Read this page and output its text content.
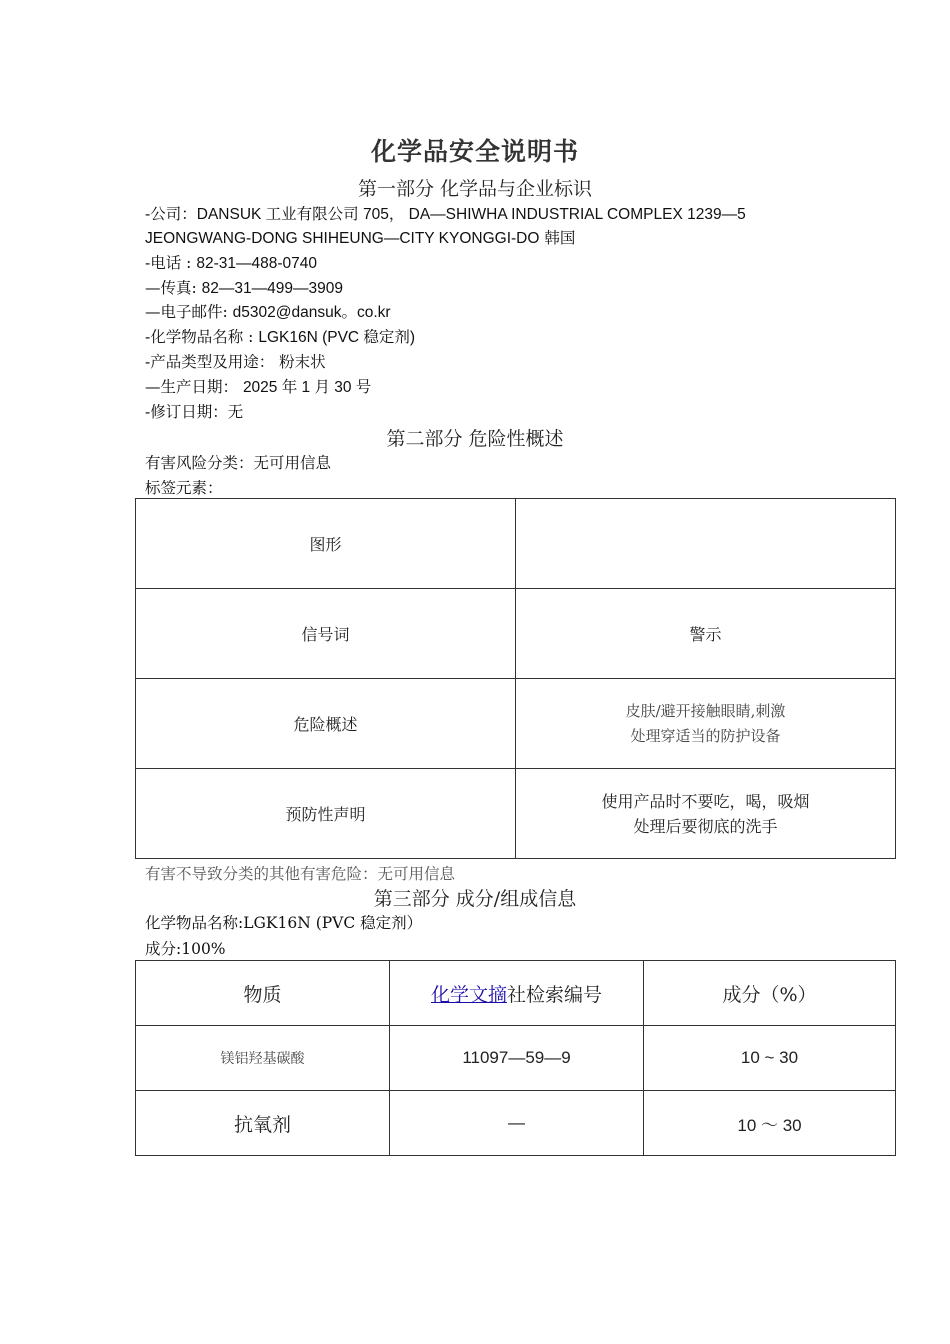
化学品安全说明书
第一部分 化学品与企业标识
-公司：DANSUK 工业有限公司 705， DA—SHIWHA INDUSTRIAL COMPLEX 1239—5
JEONGWANG-DONG SHIHEUNG—CITY KYONGGI-DO 韩国
-电话 : 82-31—488-0740
—传真: 82—31—499—3909
—电子邮件: d5302@dansuk。co.kr
-化学物品名称 : LGK16N (PVC 稳定剂)
-产品类型及用途： 粉末状
—生产日期： 2025 年 1 月 30 号
-修订日期：无
第二部分 危险性概述
有害风险分类：无可用信息
标签元素：
图形	
信号词	警示
危险概述	皮肤/避开接触眼睛,刺激
处理穿适当的防护设备

预防性声明	使用产品时不要吃，喝，吸烟
处理后要彻底的洗手
有害不导致分类的其他有害危险：无可用信息
第三部分 成分/组成信息
化学物品名称:LGK16N (PVC 稳定剂）
成分:100%
物质	化学文摘社检索编号	成分（%）
镁铝羟基碳酸	11097—59—9	10 ~ 30
抗氧剂	—	10 ～ 30
